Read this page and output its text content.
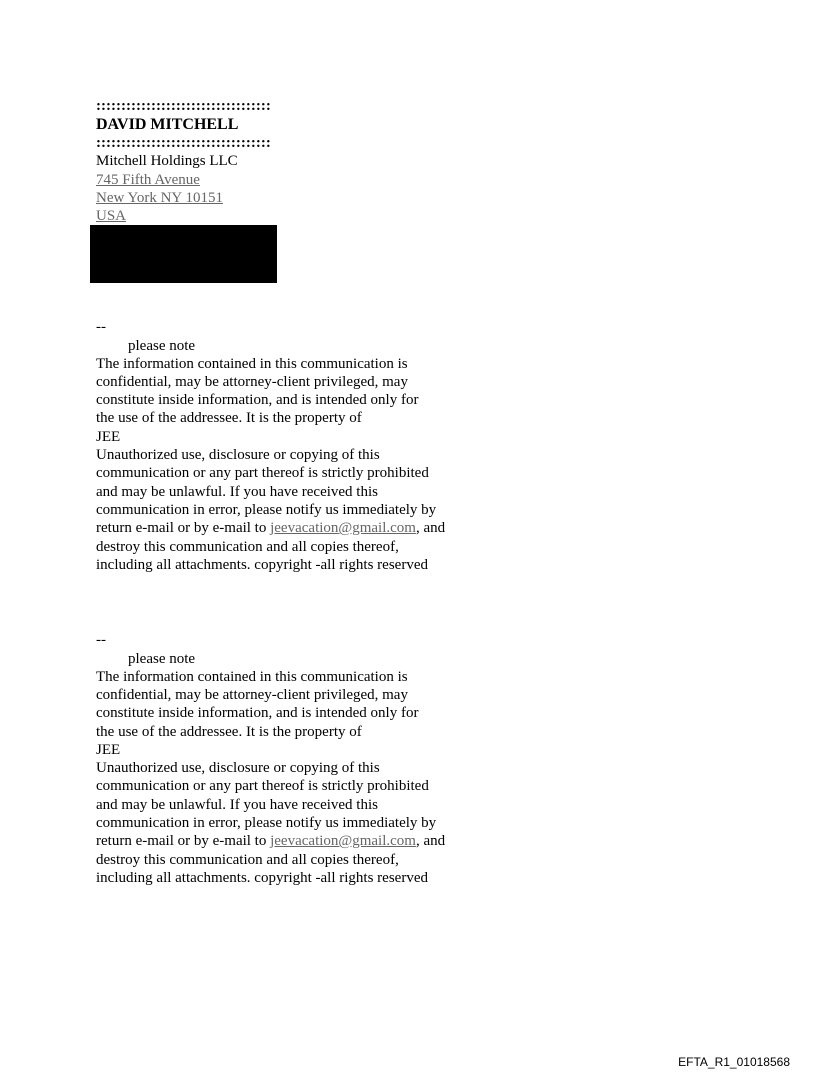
:::::::::::::::::::::::::::::::::::
DAVID MITCHELL
:::::::::::::::::::::::::::::::::::
Mitchell Holdings LLC
745 Fifth Avenue
New York NY 10151
USA
--
please note
The information contained in this communication is
confidential, may be attorney-client privileged, may
constitute inside information, and is intended only for
the use of the addressee. It is the property of
JEE
Unauthorized use, disclosure or copying of this
communication or any part thereof is strictly prohibited
and may be unlawful. If you have received this
communication in error, please notify us immediately by
return e-mail or by e-mail to jeevacation@gmail.com, and
destroy this communication and all copies thereof,
including all attachments. copyright -all rights reserved
--
please note
The information contained in this communication is
confidential, may be attorney-client privileged, may
constitute inside information, and is intended only for
the use of the addressee. It is the property of
JEE
Unauthorized use, disclosure or copying of this
communication or any part thereof is strictly prohibited
and may be unlawful. If you have received this
communication in error, please notify us immediately by
return e-mail or by e-mail to jeevacation@gmail.com, and
destroy this communication and all copies thereof,
including all attachments. copyright -all rights reserved
EFTA_R1_01018568
